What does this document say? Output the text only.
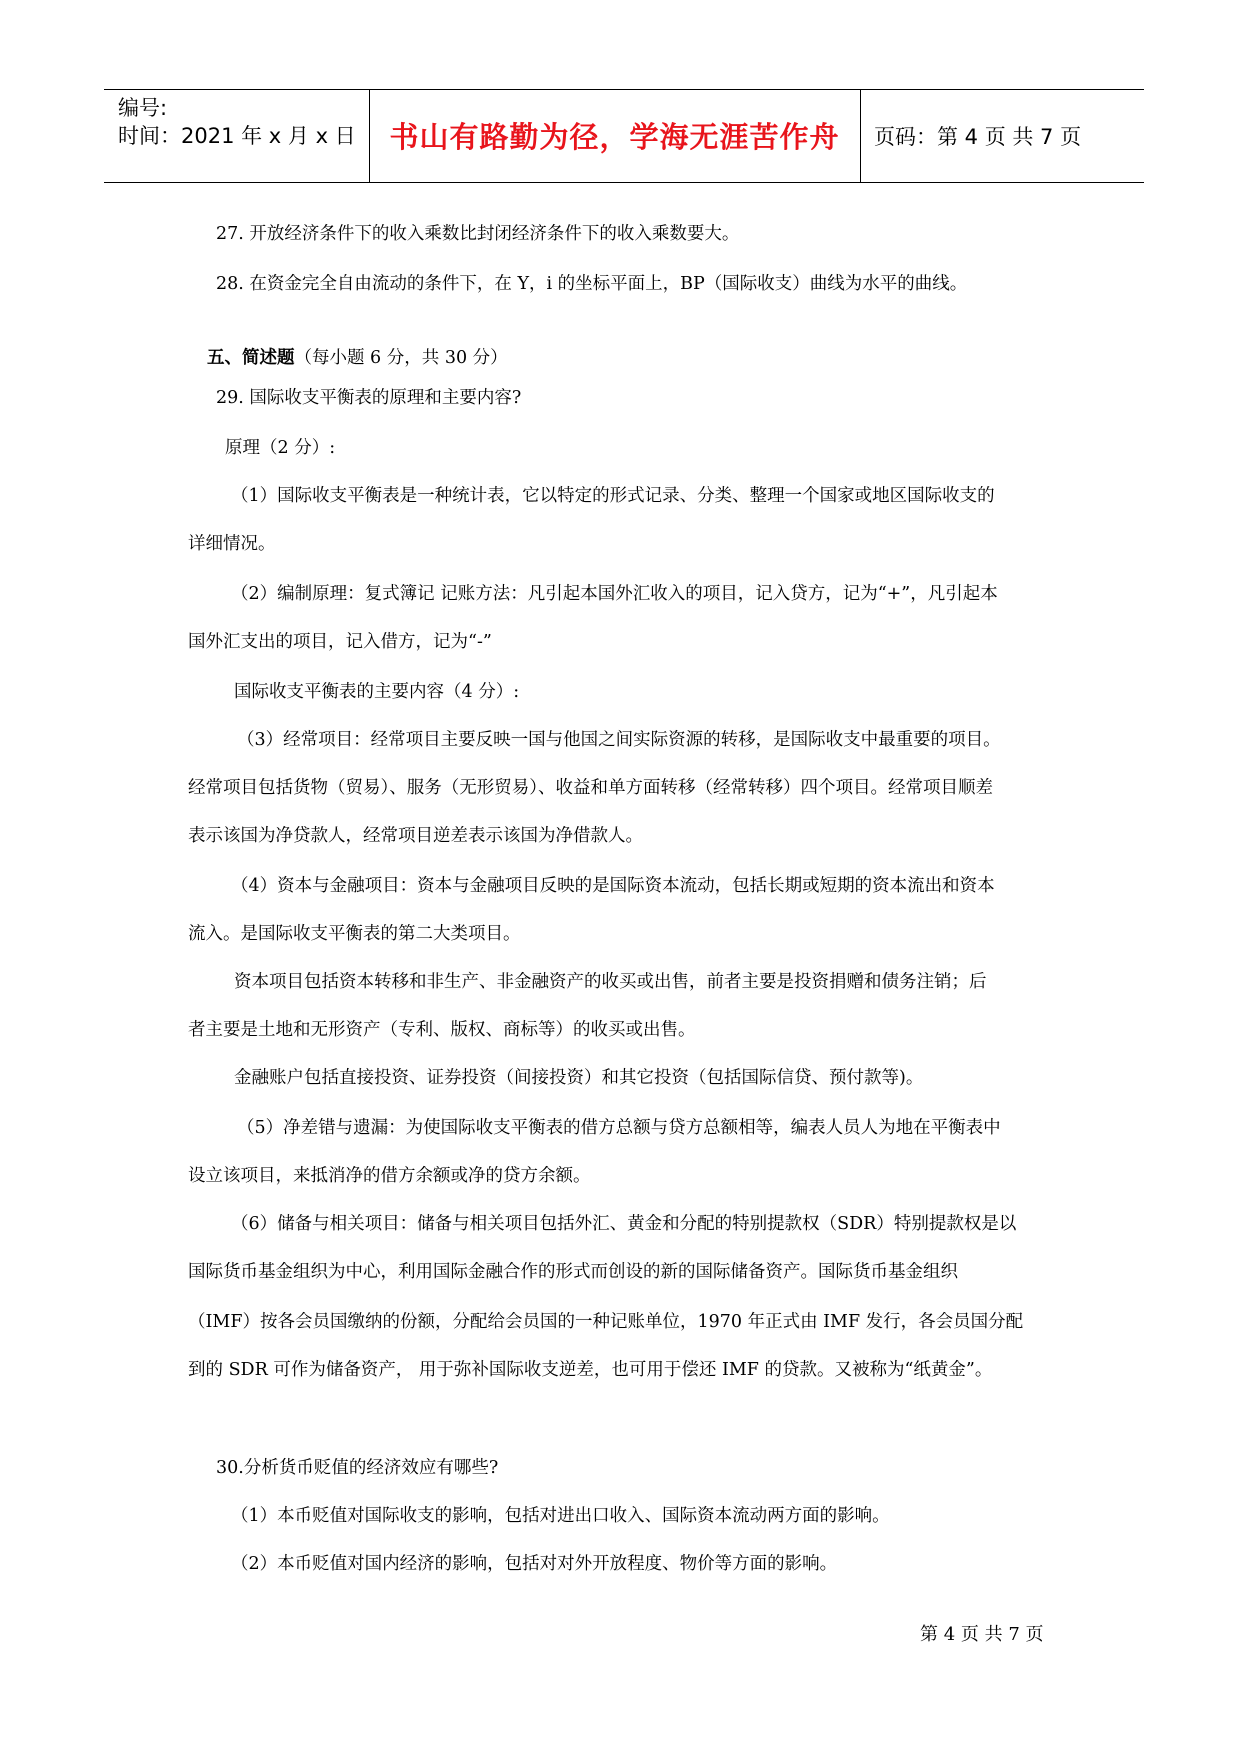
编号:
时间：2021 年 x 月 x 日	书山有路勤为径，学海无涯苦作舟	页码：第 4 页 共 7 页
27. 开放经济条件下的收入乘数比封闭经济条件下的收入乘数要大。
28. 在资金完全自由流动的条件下，在 Y，i 的坐标平面上，BP（国际收支）曲线为水平的曲线。
五、简述题（每小题 6 分，共 30 分）
29. 国际收支平衡表的原理和主要内容?
原理（2 分）:
（1）国际收支平衡表是一种统计表，它以特定的形式记录、分类、整理一个国家或地区国际收支的
详细情况。
（2）编制原理：复式簿记 记账方法：凡引起本国外汇收入的项目，记入贷方，记为“+”，凡引起本
国外汇支出的项目，记入借方，记为“-”
国际收支平衡表的主要内容（4 分）:
（3）经常项目：经常项目主要反映一国与他国之间实际资源的转移，是国际收支中最重要的项目。
经常项目包括货物（贸易）、服务（无形贸易）、收益和单方面转移（经常转移）四个项目。经常项目顺差
表示该国为净贷款人，经常项目逆差表示该国为净借款人。
（4）资本与金融项目：资本与金融项目反映的是国际资本流动，包括长期或短期的资本流出和资本
流入。是国际收支平衡表的第二大类项目。
资本项目包括资本转移和非生产、非金融资产的收买或出售，前者主要是投资捐赠和债务注销；后
者主要是土地和无形资产（专利、版权、商标等）的收买或出售。
金融账户包括直接投资、证券投资（间接投资）和其它投资（包括国际信贷、预付款等)。
（5）净差错与遗漏：为使国际收支平衡表的借方总额与贷方总额相等，编表人员人为地在平衡表中
设立该项目，来抵消净的借方余额或净的贷方余额。
（6）储备与相关项目：储备与相关项目包括外汇、黄金和分配的特别提款权（SDR）特别提款权是以
国际货币基金组织为中心，利用国际金融合作的形式而创设的新的国际储备资产。国际货币基金组织
（IMF）按各会员国缴纳的份额，分配给会员国的一种记账单位，1970 年正式由 IMF 发行，各会员国分配
到的 SDR 可作为储备资产， 用于弥补国际收支逆差，也可用于偿还 IMF 的贷款。又被称为“纸黄金”。
30.分析货币贬值的经济效应有哪些?
（1）本币贬值对国际收支的影响，包括对进出口收入、国际资本流动两方面的影响。
（2）本币贬值对国内经济的影响，包括对对外开放程度、物价等方面的影响。
第 4 页 共 7 页
